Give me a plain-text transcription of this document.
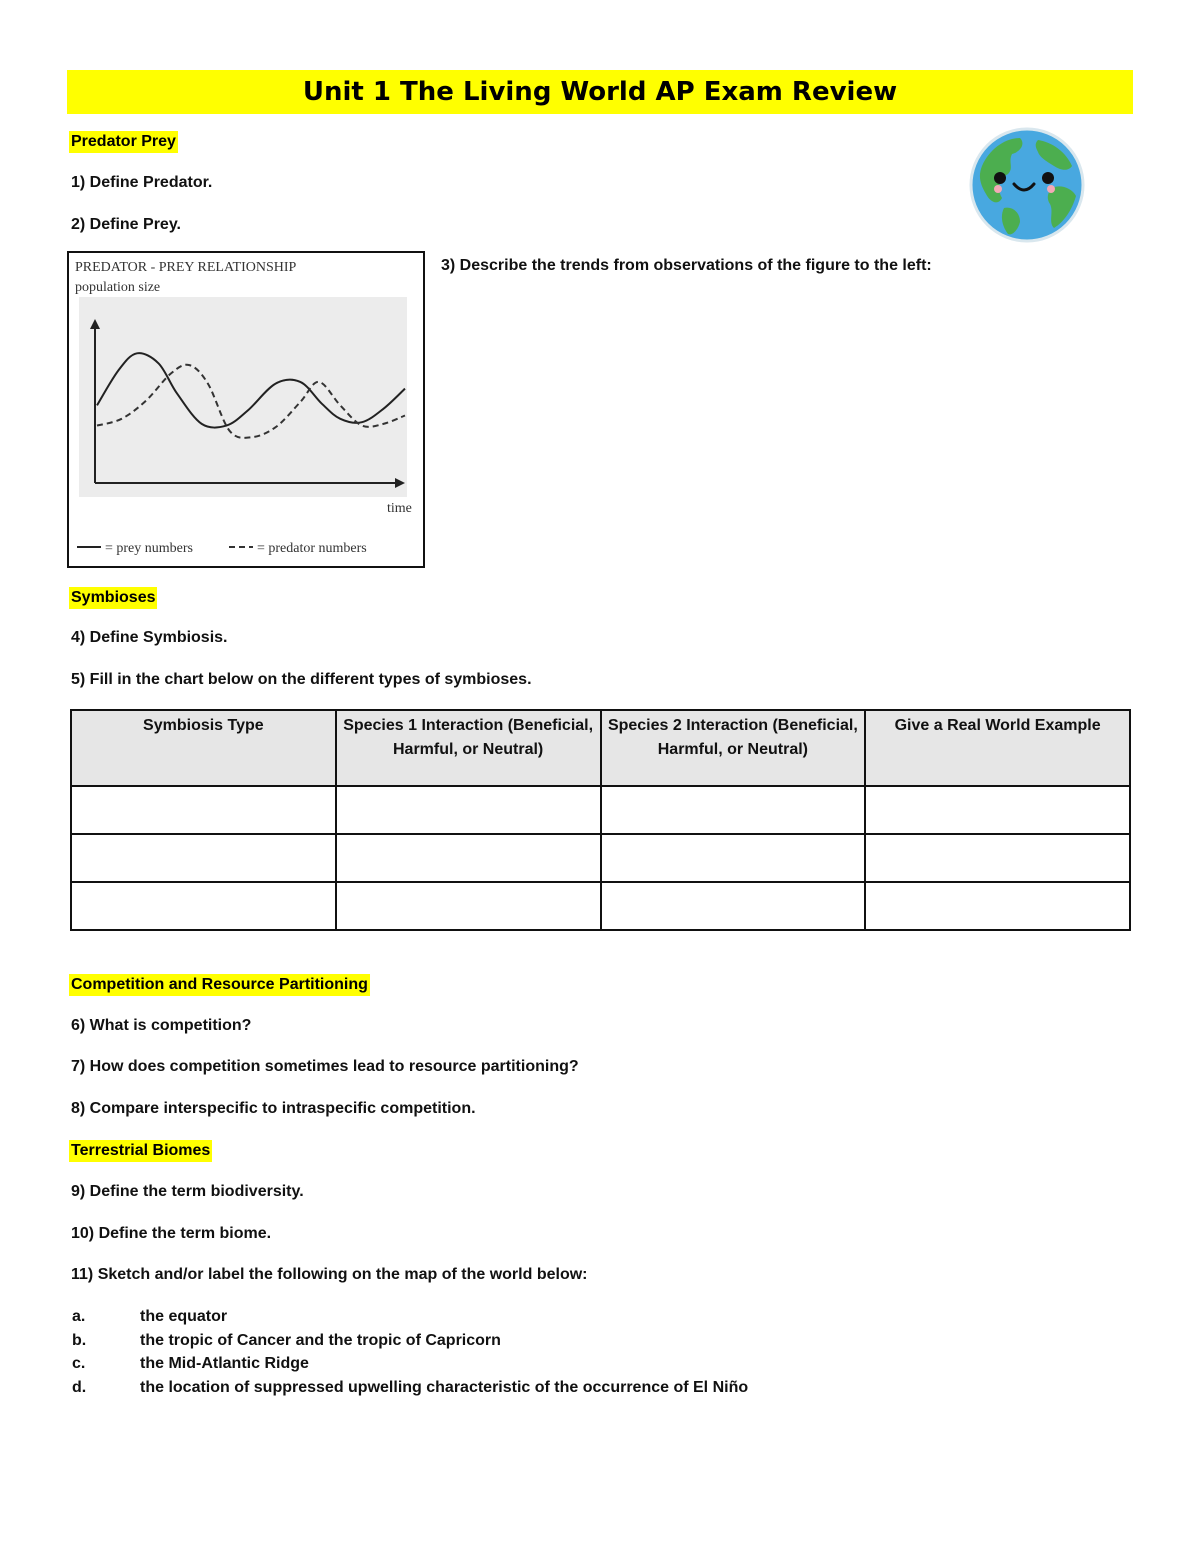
Unit 1 The Living World AP Exam Review
Predator Prey
1) Define Predator.
2) Define Prey.
3) Describe the trends from observations of the figure to the left:
PREDATOR - PREY RELATIONSHIP
population size
time
= prey numbers	= predator numbers
Symbioses
4) Define Symbiosis.
5) Fill in the chart below on the different types of symbioses.
Symbiosis Type	Species 1 Interaction (Beneficial, Harmful, or Neutral)	Species 2 Interaction (Beneficial, Harmful, or Neutral)	Give a Real World Example

Competition and Resource Partitioning
6) What is competition?
7) How does competition sometimes lead to resource partitioning?
8) Compare interspecific to intraspecific competition.
Terrestrial Biomes
9) Define the term biodiversity.
10) Define the term biome.
11) Sketch and/or label the following on the map of the world below:
a.	the equator
b.	the tropic of Cancer and the tropic of Capricorn
c.	the Mid-Atlantic Ridge
d.	the location of suppressed upwelling characteristic of the occurrence of El Niño
